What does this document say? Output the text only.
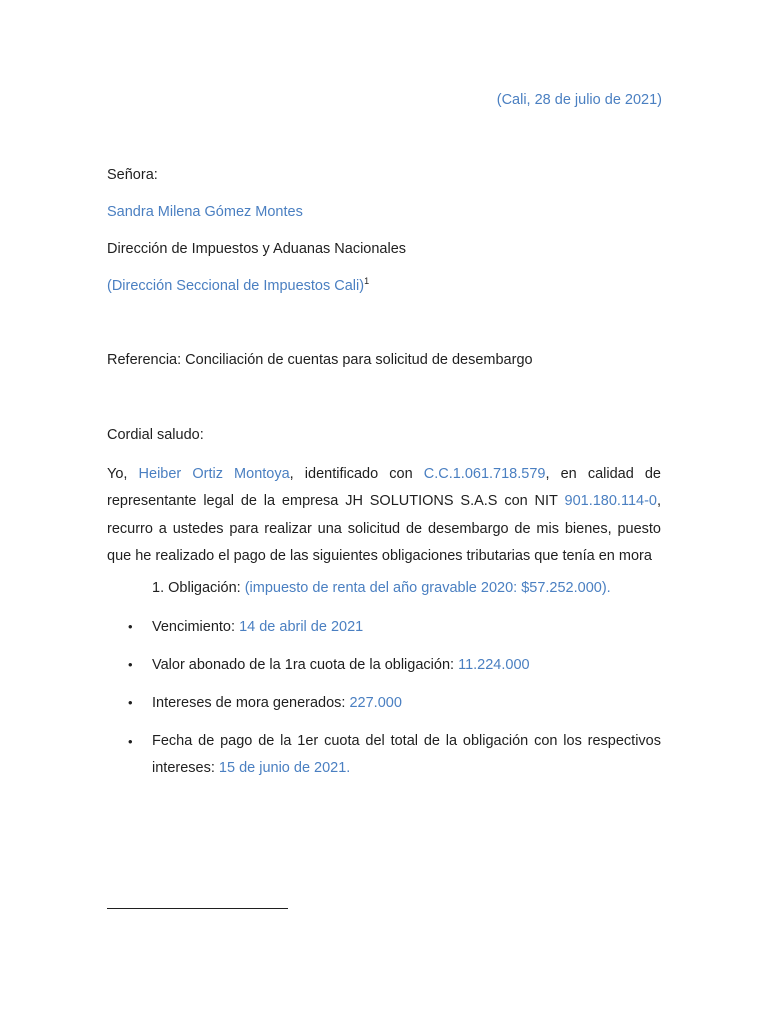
(Cali, 28 de julio de 2021)
Señora:
Sandra Milena Gómez Montes
Dirección de Impuestos y Aduanas Nacionales
(Dirección Seccional de Impuestos Cali)$^1$
Referencia: Conciliación de cuentas para solicitud de desembargo
Cordial saludo:
Yo, Heiber Ortiz Montoya, identificado con C.C.1.061.718.579, en calidad de representante legal de la empresa JH SOLUTIONS S.A.S con NIT 901.180.114-0, recurro a ustedes para realizar una solicitud de desembargo de mis bienes, puesto que he realizado el pago de las siguientes obligaciones tributarias que tenía en mora
1. Obligación: (impuesto de renta del año gravable 2020: $57.252.000).
• Vencimiento: 14 de abril de 2021
• Valor abonado de la 1ra cuota de la obligación: 11.224.000
• Intereses de mora generados: 227.000
• Fecha de pago de la 1er cuota del total de la obligación con los respectivos intereses: 15 de junio de 2021.
